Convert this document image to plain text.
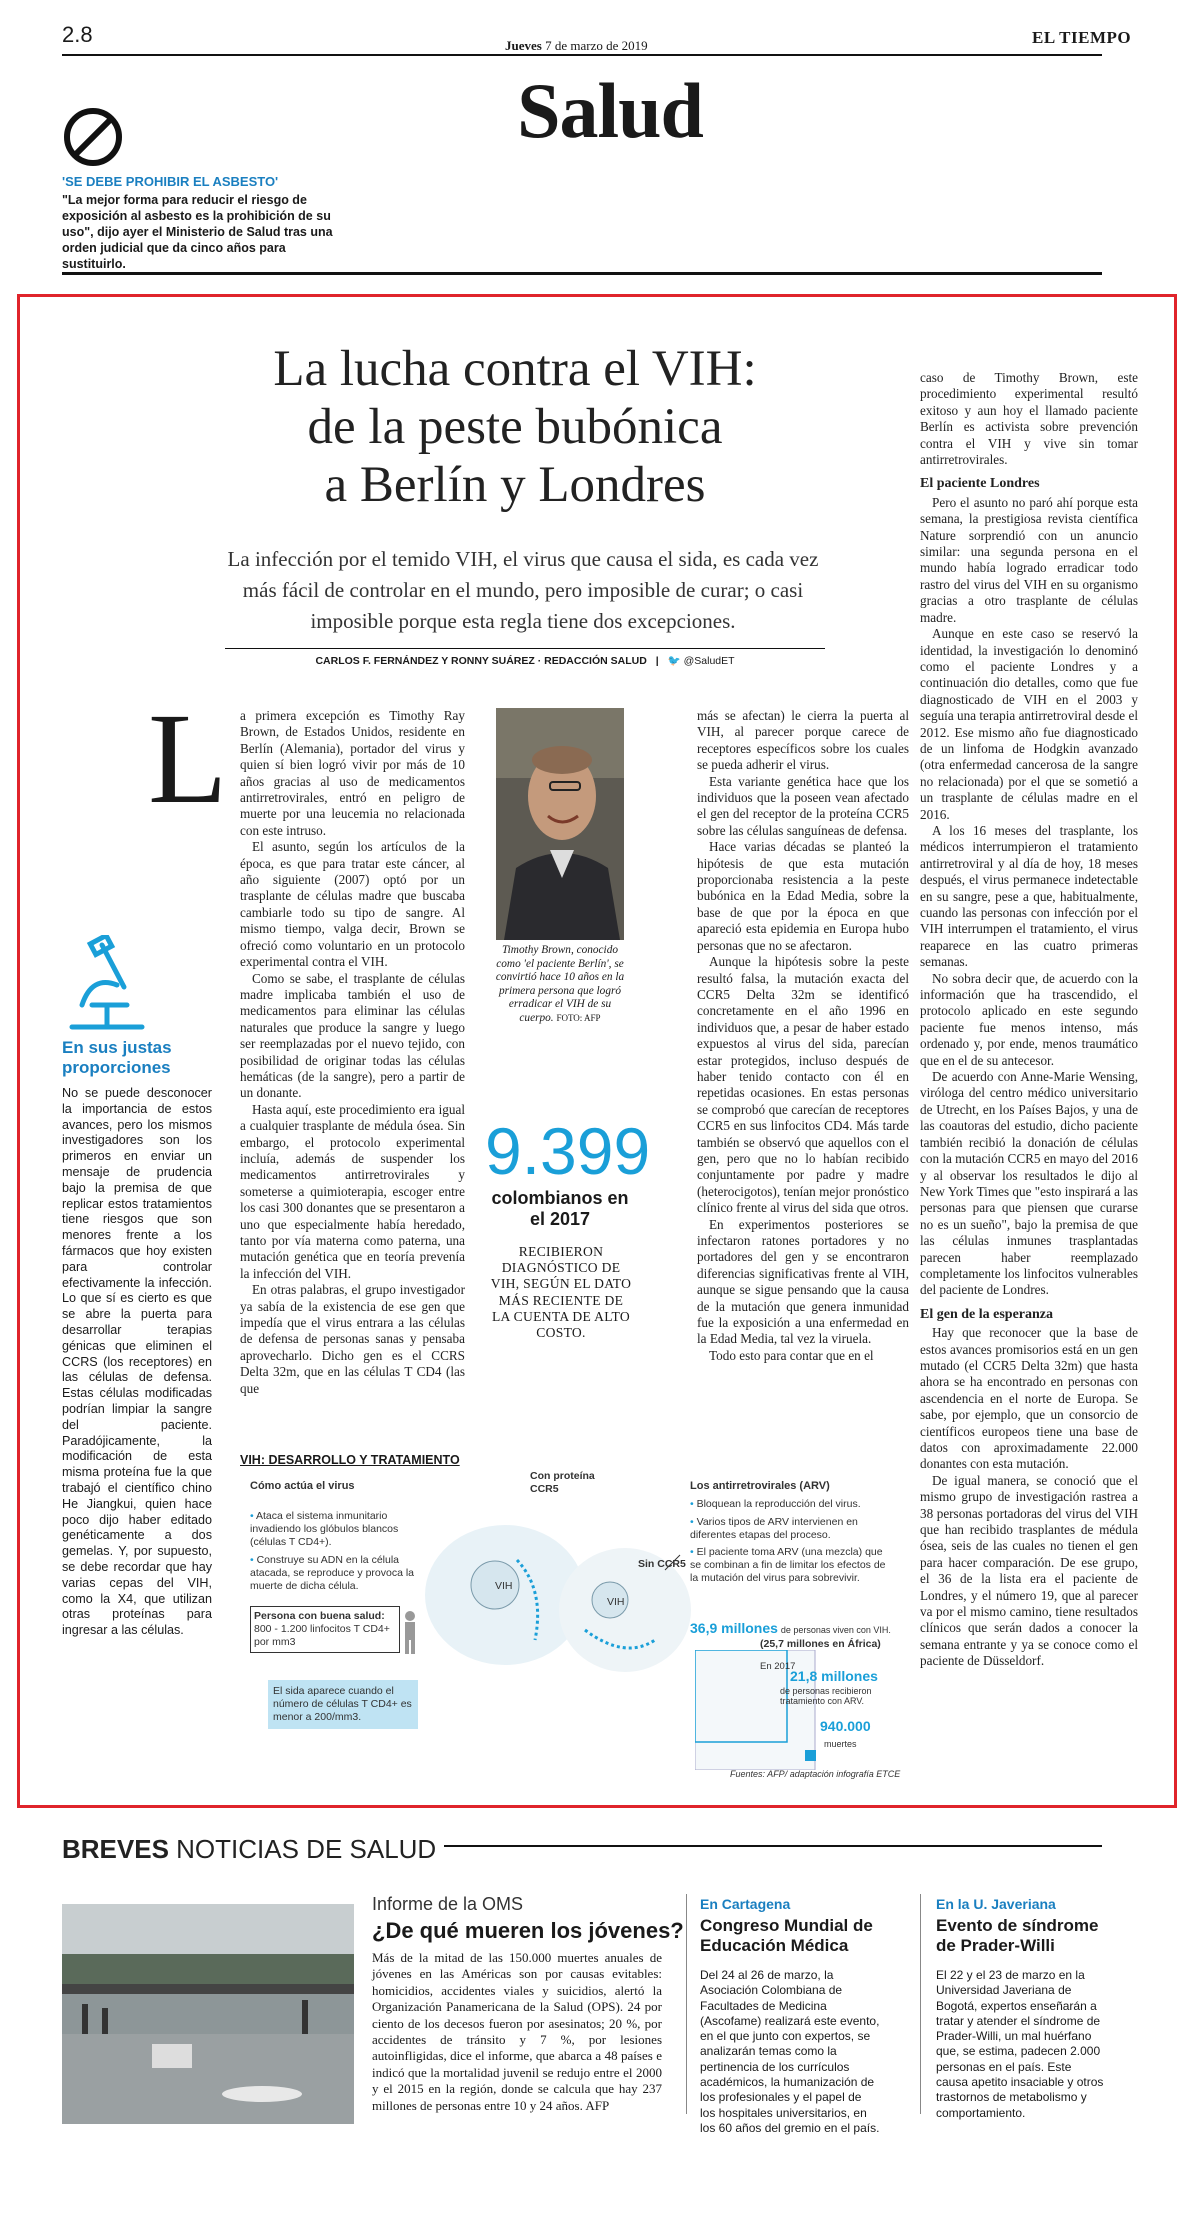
2.8	Jueves 7 de marzo de 2019	EL TIEMPO
Salud
'SE DEBE PROHIBIR EL ASBESTO'
"La mejor forma para reducir el riesgo de exposición al asbesto es la prohibición de su uso", dijo ayer el Ministerio de Salud tras una orden judicial que da cinco años para sustituirlo.
La lucha contra el VIH:
de la peste bubónica
a Berlín y Londres
La infección por el temido VIH, el virus que causa el sida, es cada vez más fácil de controlar en el mundo, pero imposible de curar; o casi imposible porque esta regla tiene dos excepciones.
CARLOS F. FERNÁNDEZ Y RONNY SUÁREZ · REDACCIÓN SALUD | 🐦 @SaludET
L a primera excepción es Timothy Ray Brown, de Estados Unidos, residente en Berlín (Alemania), portador del virus y quien sí bien logró vivir por más de 10 años gracias al uso de medicamentos antirretrovirales, entró en peligro de muerte por una leucemia no relacionada con este intruso.

El asunto, según los artículos de la época, es que para tratar este cáncer, al año siguiente (2007) optó por un trasplante de células madre que buscaba cambiarle todo su tipo de sangre. Al mismo tiempo, valga decir, Brown se ofreció como voluntario en un protocolo experimental contra el VIH.

Como se sabe, el trasplante de células madre implicaba también el uso de medicamentos para eliminar las células naturales que produce la sangre y luego ser reemplazadas por el nuevo tejido, con posibilidad de originar todas las células hemáticas (de la sangre), pero a partir de un donante.

Hasta aquí, este procedimiento era igual a cualquier trasplante de médula ósea. Sin embargo, el protocolo experimental incluía, además de suspender los medicamentos antirretrovirales y someterse a quimioterapia, escoger entre los casi 300 donantes que se presentaron a uno que especialmente había heredado, tanto por vía materna como paterna, una mutación genética que en teoría prevenía la infección del VIH.

En otras palabras, el grupo investigador ya sabía de la existencia de ese gen que impedía que el virus entrara a las células de defensa de personas sanas y pensaba aprovecharlo. Dicho gen es el CCRS Delta 32m, que en las células T CD4 (las que

Timothy Brown, conocido como 'el paciente Berlín', se convirtió hace 10 años en la primera persona que logró erradicar el VIH de su cuerpo. FOTO: AFP
9.399
colombianos en el 2017
RECIBIERON DIAGNÓSTICO DE VIH, SEGÚN EL DATO MÁS RECIENTE DE LA CUENTA DE ALTO COSTO.

más se afectan) le cierra la puerta al VIH, al parecer porque carece de receptores específicos sobre los cuales se pueda adherir el virus.

Esta variante genética hace que los individuos que la poseen vean afectado el gen del receptor de la proteína CCR5 sobre las células sanguíneas de defensa.

Hace varias décadas se planteó la hipótesis de que esta mutación proporcionaba resistencia a la peste bubónica en la Edad Media, sobre la base de que por la época en que apareció esta epidemia en Europa hubo personas que no se afectaron.

Aunque la hipótesis sobre la peste resultó falsa, la mutación exacta del CCR5 Delta 32m se identificó concretamente en el año 1996 en individuos que, a pesar de haber estado expuestos al virus del sida, parecían estar protegidos, incluso después de haber tenido contacto con él en repetidas ocasiones. En estas personas se comprobó que carecían de receptores CCR5 en sus linfocitos CD4. Más tarde también se observó que aquellos con el gen, pero que no lo habían recibido conjuntamente por padre y madre (heterocigotos), tenían mejor pronóstico clínico frente al virus del sida que otros.

En experimentos posteriores se infectaron ratones portadores y no portadores del gen y se encontraron diferencias significativas frente al VIH, aunque se sigue pensando que la causa de la mutación que genera inmunidad fue la exposición a una enfermedad en la Edad Media, tal vez la viruela.

Todo esto para contar que en el

caso de Timothy Brown, este procedimiento experimental resultó exitoso y aun hoy el llamado paciente Berlín es activista sobre prevención contra el VIH y vive sin tomar antirretrovirales.

El paciente Londres

Pero el asunto no paró ahí porque esta semana, la prestigiosa revista científica Nature sorprendió con un anuncio similar: una segunda persona en el mundo había logrado erradicar todo rastro del virus del VIH en su organismo gracias a otro trasplante de células madre.

Aunque en este caso se reservó la identidad, la investigación lo denominó como el paciente Londres y a continuación dio detalles, como que fue diagnosticado de VIH en el 2003 y seguía una terapia antirretroviral desde el 2012. Ese mismo año fue diagnosticado de un linfoma de Hodgkin avanzado (otra enfermedad cancerosa de la sangre no relacionada) por el que se sometió a un trasplante de células madre en el 2016.

A los 16 meses del trasplante, los médicos interrumpieron el tratamiento antirretroviral y al día de hoy, 18 meses después, el virus permanece indetectable en su sangre, pese a que, habitualmente, cuando las personas con infección por el VIH interrumpen el tratamiento, el virus reaparece en las cuatro primeras semanas.

No sobra decir que, de acuerdo con la información que ha trascendido, el protocolo aplicado en este segundo paciente fue menos intenso, más ordenado y, por ende, menos traumático que en el de su antecesor.

De acuerdo con Anne-Marie Wensing, viróloga del centro médico universitario de Utrecht, en los Países Bajos, y una de las coautoras del estudio, dicho paciente también recibió la donación de células con la mutación CCR5 en mayo del 2016 y al observar los resultados le dijo al New York Times que "esto inspirará a las personas para que piensen que curarse no es un sueño", bajo la premisa de que las células inmunes trasplantadas parecen haber reemplazado completamente los linfocitos vulnerables del paciente de Londres.

El gen de la esperanza

Hay que reconocer que la base de estos avances promisorios está en un gen mutado (el CCR5 Delta 32m) que hasta ahora se ha encontrado en personas con ascendencia en el norte de Europa. Se sabe, por ejemplo, que un consorcio de científicos europeos tiene una base de datos con aproximadamente 22.000 donantes con esta mutación.

De igual manera, se conoció que el mismo grupo de investigación rastrea a 38 personas portadoras del virus del VIH que han recibido trasplantes de médula ósea, seis de las cuales no tienen el gen para hacer comparación. De ese grupo, el 36 de la lista era el paciente de Londres, y el número 19, que al parecer va por el mismo camino, tiene resultados clínicos que serán dados a conocer la semana entrante y ya se conoce como el paciente de Düsseldorf.

En sus justas proporciones
No se puede desconocer la importancia de estos avances, pero los mismos investigadores son los primeros en enviar un mensaje de prudencia bajo la premisa de que replicar estos tratamientos tiene riesgos que son menores frente a los fármacos que hoy existen para controlar efectivamente la infección. Lo que sí es cierto es que se abre la puerta para desarrollar terapias génicas que eliminen el CCRS (los receptores) en las células de defensa. Estas células modificadas podrían limpiar la sangre del paciente. Paradójicamente, la modificación de esta misma proteína fue la que trabajó el científico chino He Jiangkui, quien hace poco dijo haber editado genéticamente a dos gemelas. Y, por supuesto, se debe recordar que hay varias cepas del VIH, como la X4, que utilizan otras proteínas para ingresar a las células.
VIH: DESARROLLO Y TRATAMIENTO
Cómo actúa el virus
• Ataca el sistema inmunitario invadiendo los glóbulos blancos (células T CD4+).
• Construye su ADN en la célula atacada, se reproduce y provoca la muerte de dicha célula.
Persona con buena salud:
800 - 1.200 linfocitos T CD4+ por mm3
El sida aparece cuando el número de células T CD4+ es menor a 200/mm3.
VIH
VIH
Con proteína CCR5
Sin CCR5
Los antirretrovirales (ARV)
• Bloquean la reproducción del virus.
• Varios tipos de ARV intervienen en diferentes etapas del proceso.
• El paciente toma ARV (una mezcla) que se combinan a fin de limitar los efectos de la mutación del virus para sobrevivir.
36,9 millones de personas viven con VIH.
(25,7 millones en África)
En 2017
21,8 millones
de personas recibieron tratamiento con ARV.
940.000
muertes
Fuentes: AFP/ adaptación infografía ETCE
BREVES NOTICIAS DE SALUD
Informe de la OMS
¿De qué mueren los jóvenes?
Más de la mitad de las 150.000 muertes anuales de jóvenes en las Américas son por causas evitables: homicidios, accidentes viales y suicidios, alertó la Organización Panamericana de la Salud (OPS). 24 por ciento de los decesos fueron por asesinatos; 20 %, por accidentes de tránsito y 7 %, por lesiones autoinfligidas, dice el informe, que abarca a 48 países e indicó que la mortalidad juvenil se redujo entre el 2000 y el 2015 en la región, donde se calcula que hay 237 millones de personas entre 10 y 24 años. AFP
En Cartagena
Congreso Mundial de Educación Médica
Del 24 al 26 de marzo, la Asociación Colombiana de Facultades de Medicina (Ascofame) realizará este evento, en el que junto con expertos, se analizarán temas como la pertinencia de los currículos académicos, la humanización de los profesionales y el papel de los hospitales universitarios, en los 60 años del gremio en el país.
En la U. Javeriana
Evento de síndrome de Prader-Willi
El 22 y el 23 de marzo en la Universidad Javeriana de Bogotá, expertos enseñarán a tratar y atender el síndrome de Prader-Willi, un mal huérfano que, se estima, padecen 2.000 personas en el país. Este causa apetito insaciable y otros trastornos de metabolismo y comportamiento.
